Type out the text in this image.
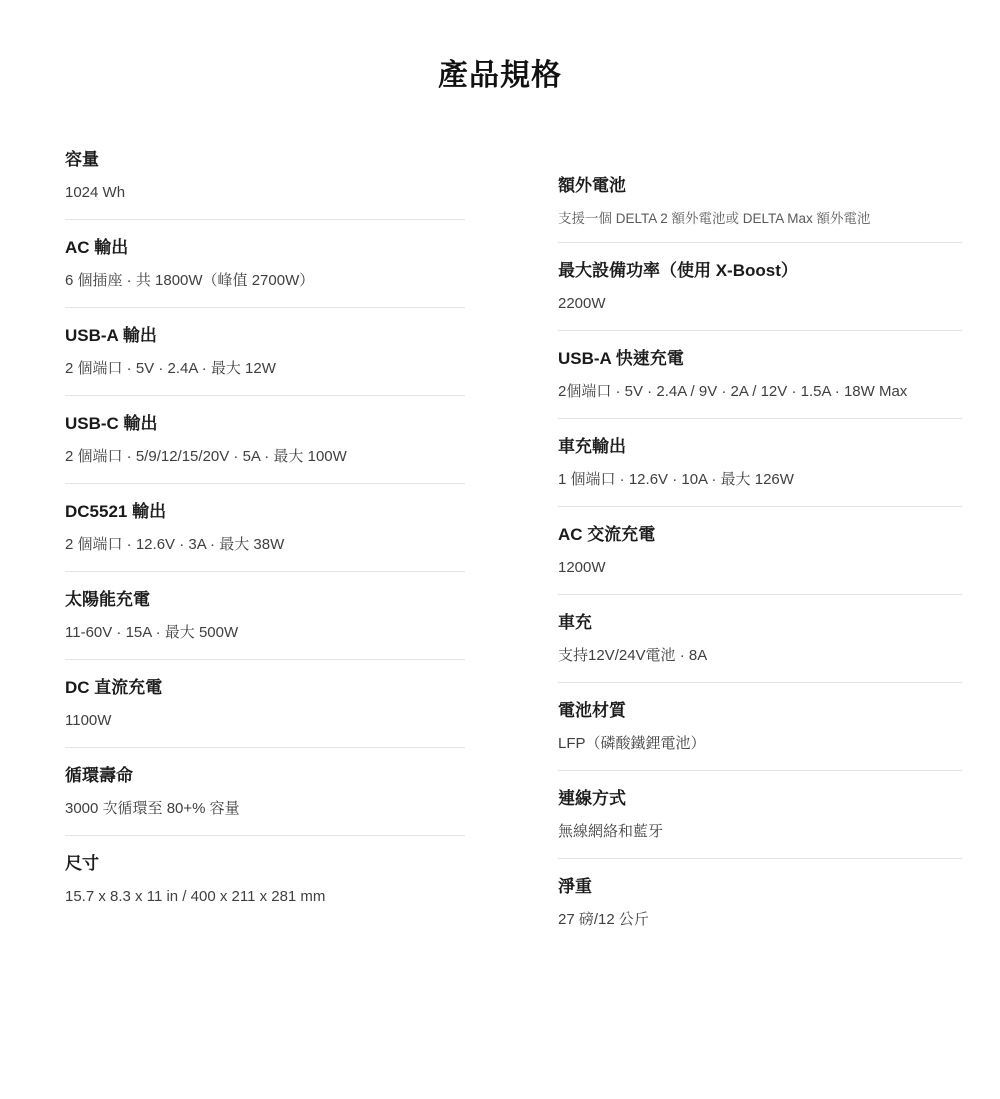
產品規格
容量
1024 Wh
AC 輸出
6 個插座 · 共 1800W（峰值 2700W）
USB-A 輸出
2 個端口 · 5V · 2.4A · 最大 12W
USB-C 輸出
2 個端口 · 5/9/12/15/20V · 5A · 最大 100W
DC5521 輸出
2 個端口 · 12.6V · 3A · 最大 38W
太陽能充電
11-60V · 15A · 最大 500W
DC 直流充電
1100W
循環壽命
3000 次循環至 80+% 容量
尺寸
15.7 x 8.3 x 11 in / 400 x 211 x 281 mm
額外電池
支援一個 DELTA 2 額外電池或 DELTA Max 額外電池
最大設備功率（使用 X-Boost）
2200W
USB-A 快速充電
2個端口 · 5V · 2.4A / 9V · 2A / 12V · 1.5A · 18W Max
車充輸出
1 個端口 · 12.6V · 10A · 最大 126W
AC 交流充電
1200W
車充
支持12V/24V電池 · 8A
電池材質
LFP（磷酸鐵鋰電池）
連線方式
無線網絡和藍牙
淨重
27 磅/12 公斤
